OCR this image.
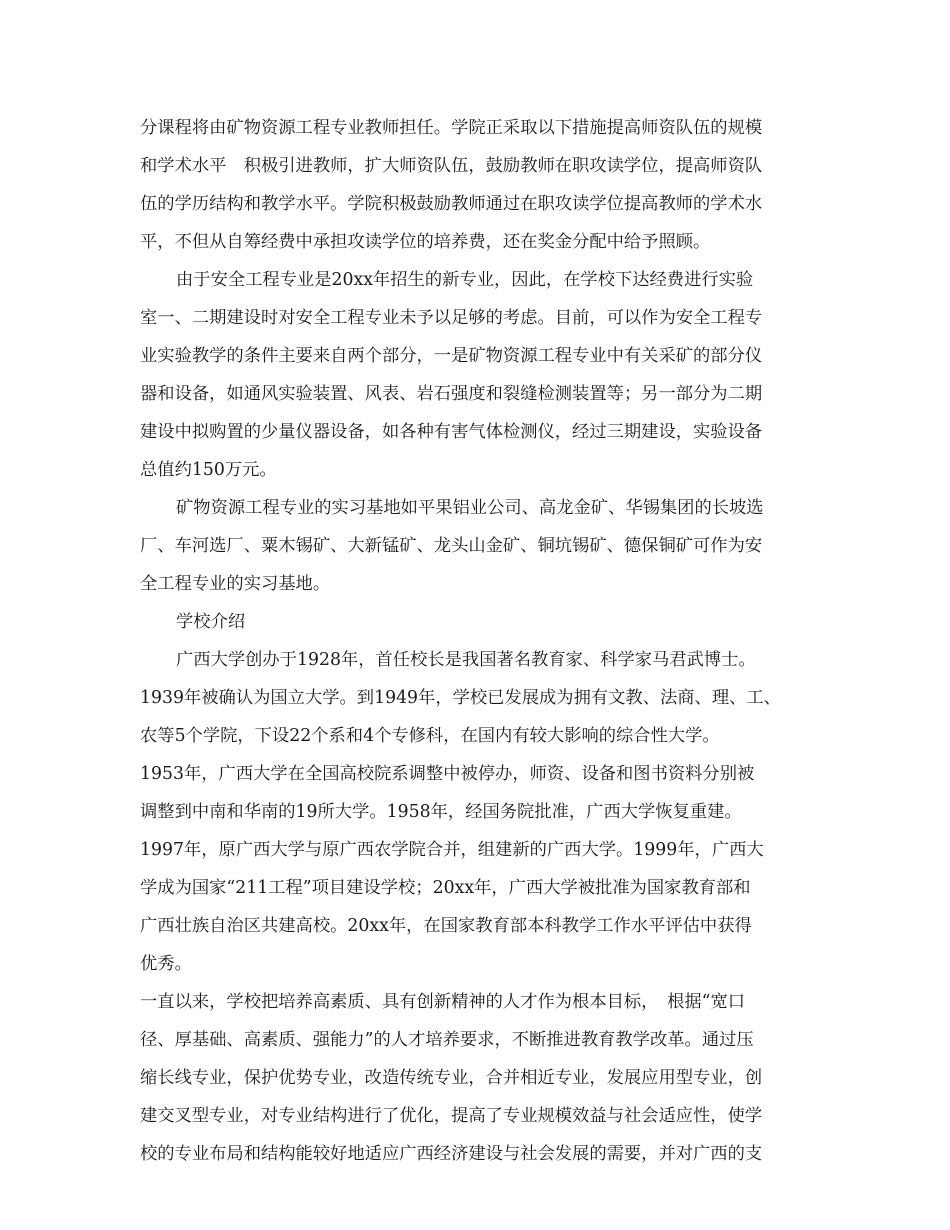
分课程将由矿物资源工程专业教师担任。学院正采取以下措施提高师资队伍的规模

和学术水平　积极引进教师，扩大师资队伍，鼓励教师在职攻读学位，提高师资队

伍的学历结构和教学水平。学院积极鼓励教师通过在职攻读学位提高教师的学术水

平，不但从自筹经费中承担攻读学位的培养费，还在奖金分配中给予照顾。

由于安全工程专业是20xx年招生的新专业，因此，在学校下达经费进行实验

室一、二期建设时对安全工程专业未予以足够的考虑。目前，可以作为安全工程专

业实验教学的条件主要来自两个部分，一是矿物资源工程专业中有关采矿的部分仪

器和设备，如通风实验装置、风表、岩石强度和裂缝检测装置等；另一部分为二期

建设中拟购置的少量仪器设备，如各种有害气体检测仪，经过三期建设，实验设备

总值约150万元。

矿物资源工程专业的实习基地如平果铝业公司、高龙金矿、华锡集团的长坡选

厂、车河选厂、粟木锡矿、大新锰矿、龙头山金矿、铜坑锡矿、德保铜矿可作为安

全工程专业的实习基地。

学校介绍

广西大学创办于1928年，首任校长是我国著名教育家、科学家马君武博士。

1939年被确认为国立大学。到1949年，学校已发展成为拥有文教、法商、理、工、

农等5个学院，下设22个系和4个专修科，在国内有较大影响的综合性大学。

1953年，广西大学在全国高校院系调整中被停办，师资、设备和图书资料分别被

调整到中南和华南的19所大学。1958年，经国务院批准，广西大学恢复重建。

1997年，原广西大学与原广西农学院合并，组建新的广西大学。1999年，广西大

学成为国家“211工程”项目建设学校；20xx年，广西大学被批准为国家教育部和

广西壮族自治区共建高校。20xx年，在国家教育部本科教学工作水平评估中获得

优秀。

一直以来，学校把培养高素质、具有创新精神的人才作为根本目标，　根据“宽口

径、厚基础、高素质、强能力”的人才培养要求，不断推进教育教学改革。通过压

缩长线专业，保护优势专业，改造传统专业，合并相近专业，发展应用型专业，创

建交叉型专业，对专业结构进行了优化，提高了专业规模效益与社会适应性，使学

校的专业布局和结构能较好地适应广西经济建设与社会发展的需要，并对广西的支
